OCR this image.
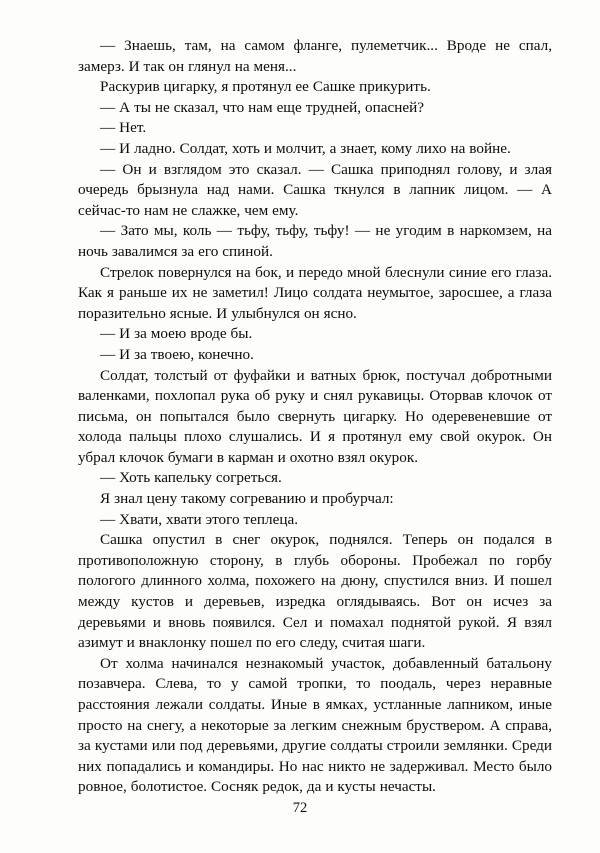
— Знаешь, там, на самом фланге, пулеметчик... Вроде не спал, замерз. И так он глянул на меня...

Раскурив цигарку, я протянул ее Сашке прикурить.

— А ты не сказал, что нам еще трудней, опасней?

— Нет.

— И ладно. Солдат, хоть и молчит, а знает, кому лихо на войне.

— Он и взглядом это сказал. — Сашка приподнял голову, и злая очередь брызнула над нами. Сашка ткнулся в лапник лицом. — А сейчас-то нам не слажке, чем ему.

— Зато мы, коль — тьфу, тьфу, тьфу! — не угодим в наркомзем, на ночь завалимся за его спиной.

Стрелок повернулся на бок, и передо мной блеснули синие его глаза. Как я раньше их не заметил! Лицо солдата неумытое, заросшее, а глаза поразительно ясные. И улыбнулся он ясно.

— И за моею вроде бы.

— И за твоею, конечно.

Солдат, толстый от фуфайки и ватных брюк, постучал добротными валенками, похлопал рука об руку и снял рукавицы. Оторвав клочок от письма, он попытался было свернуть цигарку. Но одеревеневшие от холода пальцы плохо слушались. И я протянул ему свой окурок. Он убрал клочок бумаги в карман и охотно взял окурок.

— Хоть капельку согреться.

Я знал цену такому согреванию и пробурчал:

— Хвати, хвати этого теплеца.

Сашка опустил в снег окурок, поднялся. Теперь он подался в противоположную сторону, в глубь обороны. Пробежал по горбу пологого длинного холма, похожего на дюну, спустился вниз. И пошел между кустов и деревьев, изредка оглядываясь. Вот он исчез за деревьями и вновь появился. Сел и помахал поднятой рукой. Я взял азимут и внаклонку пошел по его следу, считая шаги.

От холма начинался незнакомый участок, добавленный батальону позавчера. Слева, то у самой тропки, то поодаль, через неравные расстояния лежали солдаты. Иные в ямках, устланные лапником, иные просто на снегу, а некоторые за легким снежным бруствером. А справа, за кустами или под деревьями, другие солдаты строили землянки. Среди них попадались и командиры. Но нас никто не задерживал. Место было ровное, болотистое. Сосняк редок, да и кусты нечасты.

72
